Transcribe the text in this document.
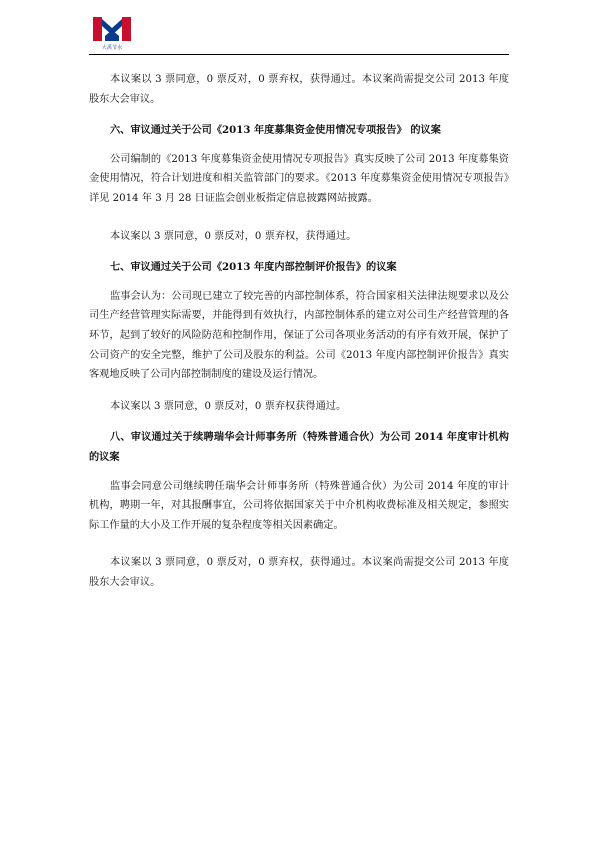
大禹节水

本议案以 3 票同意，0 票反对，0 票弃权，获得通过。本议案尚需提交公司 2013 年度股东大会审议。

六、审议通过关于公司《2013 年度募集资金使用情况专项报告》 的议案

公司编制的《2013 年度募集资金使用情况专项报告》真实反映了公司 2013 年度募集资金使用情况，符合计划进度和相关监管部门的要求。《2013 年度募集资金使用情况专项报告》详见 2014 年 3 月 28 日证监会创业板指定信息披露网站披露。

本议案以 3 票同意，0 票反对，0 票弃权，获得通过。

七、审议通过关于公司《2013 年度内部控制评价报告》的议案

监事会认为：公司现已建立了较完善的内部控制体系，符合国家相关法律法规要求以及公司生产经营管理实际需要，并能得到有效执行，内部控制体系的建立对公司生产经营管理的各环节，起到了较好的风险防范和控制作用，保证了公司各项业务活动的有序有效开展，保护了公司资产的安全完整，维护了公司及股东的利益。公司《2013 年度内部控制评价报告》真实客观地反映了公司内部控制制度的建设及运行情况。

本议案以 3 票同意，0 票反对，0 票弃权获得通过。

八、审议通过关于续聘瑞华会计师事务所（特殊普通合伙）为公司 2014 年度审计机构的议案

监事会同意公司继续聘任瑞华会计师事务所（特殊普通合伙）为公司 2014 年度的审计机构，聘期一年，对其报酬事宜，公司将依据国家关于中介机构收费标准及相关规定，参照实际工作量的大小及工作开展的复杂程度等相关因素确定。

本议案以 3 票同意，0 票反对，0 票弃权，获得通过。本议案尚需提交公司 2013 年度股东大会审议。
